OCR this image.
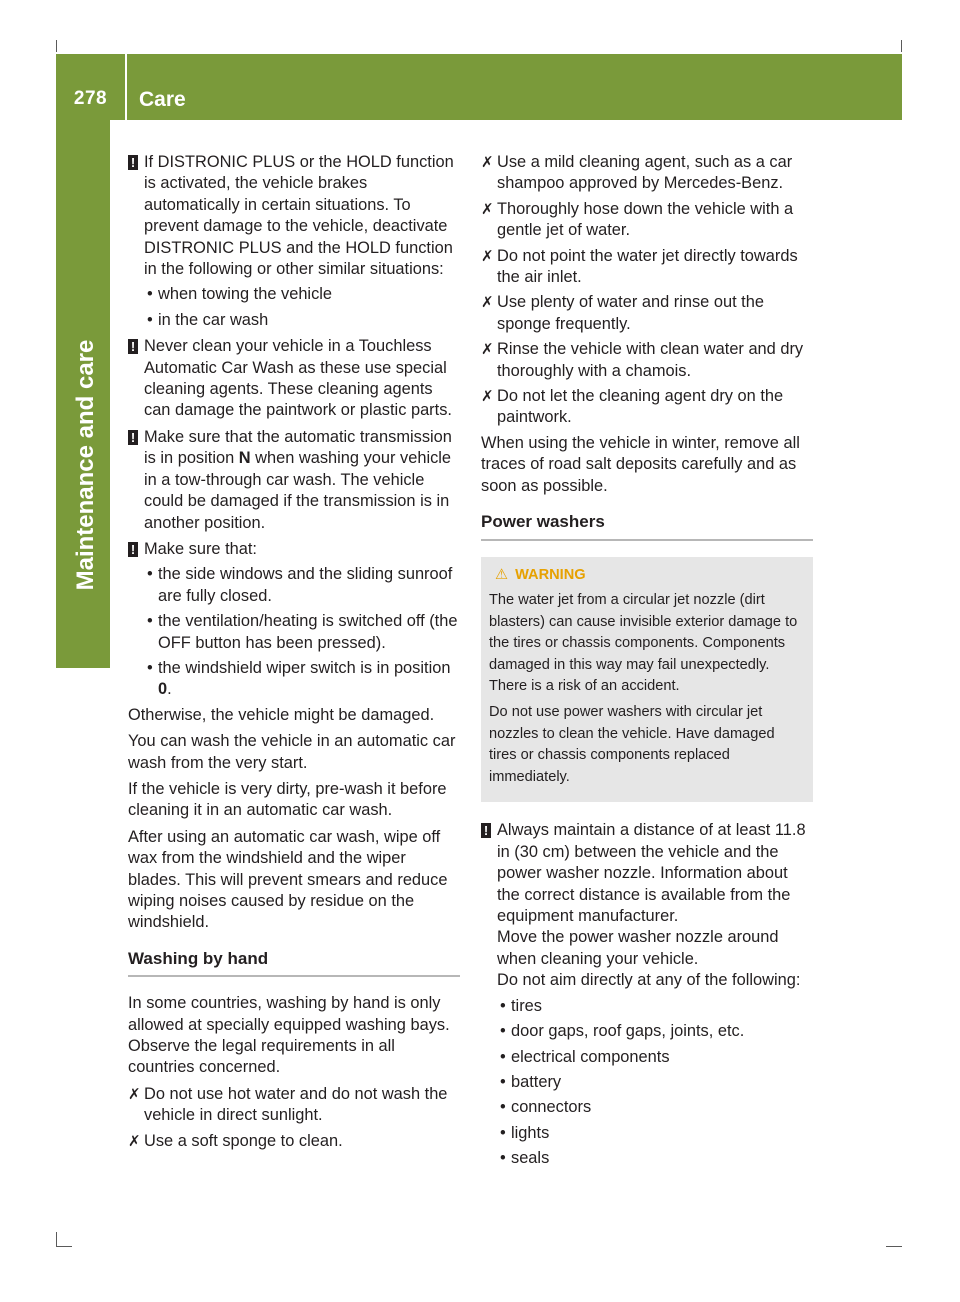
278	Care
Maintenance and care
! If DISTRONIC PLUS or the HOLD function is activated, the vehicle brakes automatically in certain situations. To prevent damage to the vehicle, deactivate DISTRONIC PLUS and the HOLD function in the following or other similar situations:

• when towing the vehicle
• in the car wash
! Never clean your vehicle in a Touchless Automatic Car Wash as these use special cleaning agents. These cleaning agents can damage the paintwork or plastic parts.

! Make sure that the automatic transmission is in position N when washing your vehicle in a tow-through car wash. The vehicle could be damaged if the transmission is in another position.

! Make sure that:

• the side windows and the sliding sunroof are fully closed.
• the ventilation/heating is switched off (the OFF button has been pressed).
• the windshield wiper switch is in position 0.

Otherwise, the vehicle might be damaged.

You can wash the vehicle in an automatic car wash from the very start.

If the vehicle is very dirty, pre-wash it before cleaning it in an automatic car wash.

After using an automatic car wash, wipe off wax from the windshield and the wiper blades. This will prevent smears and reduce wiping noises caused by residue on the windshield.

Washing by hand

In some countries, washing by hand is only allowed at specially equipped washing bays. Observe the legal requirements in all countries concerned.

✗ Do not use hot water and do not wash the vehicle in direct sunlight.
✗ Use a soft sponge to clean.
✗ Use a mild cleaning agent, such as a car shampoo approved by Mercedes-Benz.
✗ Thoroughly hose down the vehicle with a gentle jet of water.
✗ Do not point the water jet directly towards the air inlet.
✗ Use plenty of water and rinse out the sponge frequently.
✗ Rinse the vehicle with clean water and dry thoroughly with a chamois.
✗ Do not let the cleaning agent dry on the paintwork.

When using the vehicle in winter, remove all traces of road salt deposits carefully and as soon as possible.

Power washers
⚠ WARNING

The water jet from a circular jet nozzle (dirt blasters) can cause invisible exterior damage to the tires or chassis components. Components damaged in this way may fail unexpectedly. There is a risk of an accident.

Do not use power washers with circular jet nozzles to clean the vehicle. Have damaged tires or chassis components replaced immediately.

! Always maintain a distance of at least 11.8 in (30 cm) between the vehicle and the power washer nozzle. Information about the correct distance is available from the equipment manufacturer.

Move the power washer nozzle around when cleaning your vehicle.

Do not aim directly at any of the following:

• tires
• door gaps, roof gaps, joints, etc.
• electrical components
• battery
• connectors
• lights
• seals
